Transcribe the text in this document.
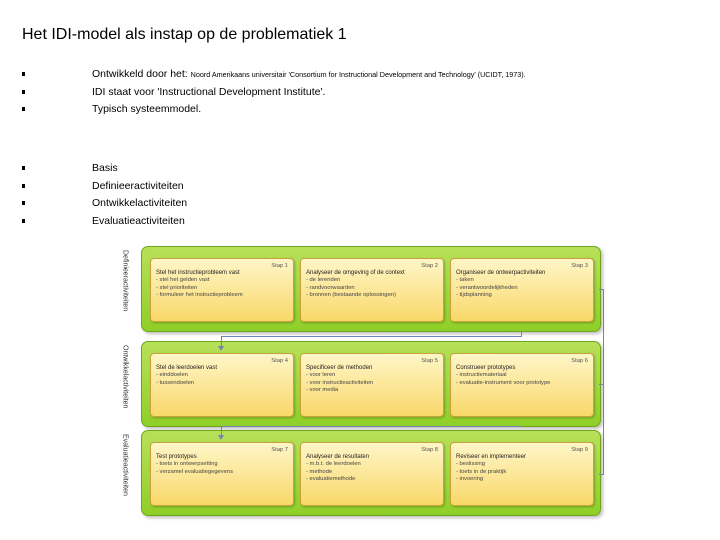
Het IDI-model als instap op de problematiek 1
Ontwikkeld door het: Noord Amerikaans universitair 'Consortium for Instructional Development and Technology' (UCIDT, 1973).
IDI staat voor 'Instructional Development Institute'.
Typisch systeemmodel.
Basis
Definieeractiviteiten
Ontwikkelactiviteiten
Evaluatieactiviteiten
Definieeractiviteiten	Stap 1
Stel het instructieprobleem vast
- stel het gelden vast
- stel prioriteiten
- formuleer het instructieprobleem
Stap 2
Analyseer de omgeving of de context
- de lerenden
- randvoorwaarden
- bronnen (bestaande oplossingen)
Stap 3
Organiseer de ontwerpactiviteiten
- taken
- verantwoordelijkheden
- tijdsplanning
Ontwikkelactiviteiten	Stap 4
Stel de leerdoelen vast
- einddoelen
- tussendoelen
Stap 5
Specificeer de methoden
- voor leren
- voor instructieactiviteiten
- voor media
Stap 6
Construeer prototypes
- instructiemateriaal
- evaluatie-instrument voor prototype
Evaluatieactiviteiten	Stap 7
Test prototypes
- toets in ontwerpsetting
- verzamel evaluatiegegevens
Stap 8
Analyseer de resultaten
- m.b.t. de leerdoelen
- methode
- evaluatiemethode
Stap 9
Reviseer en implementeer
- beslissing
- toets in de praktijk
- invoering
